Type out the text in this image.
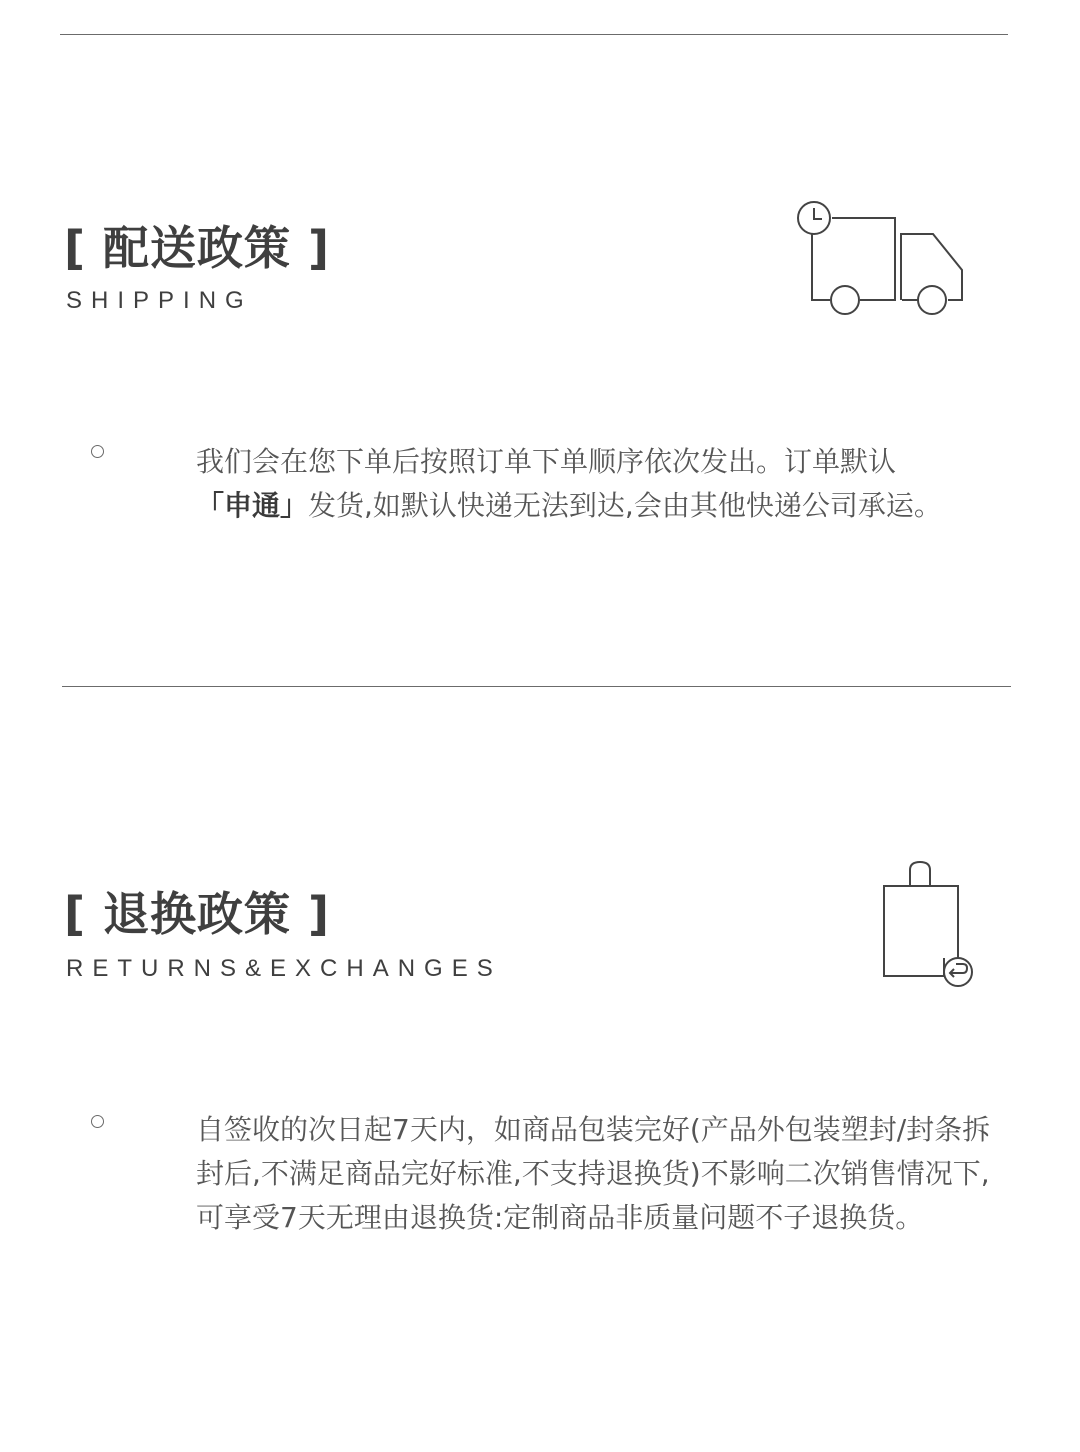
[ 配送政策 ]
SHIPPING
我们会在您下单后按照订单下单顺序依次发出。订单默认
「申通」发货,如默认快递无法到达,会由其他快递公司承运。
[ 退换政策 ]
RETURNS&EXCHANGES
自签收的次日起7天内，如商品包装完好(产品外包装塑封/封条拆封后,不满足商品完好标准,不支持退换货)不影响二次销售情况下,可享受7天无理由退换货:定制商品非质量问题不子退换货。
